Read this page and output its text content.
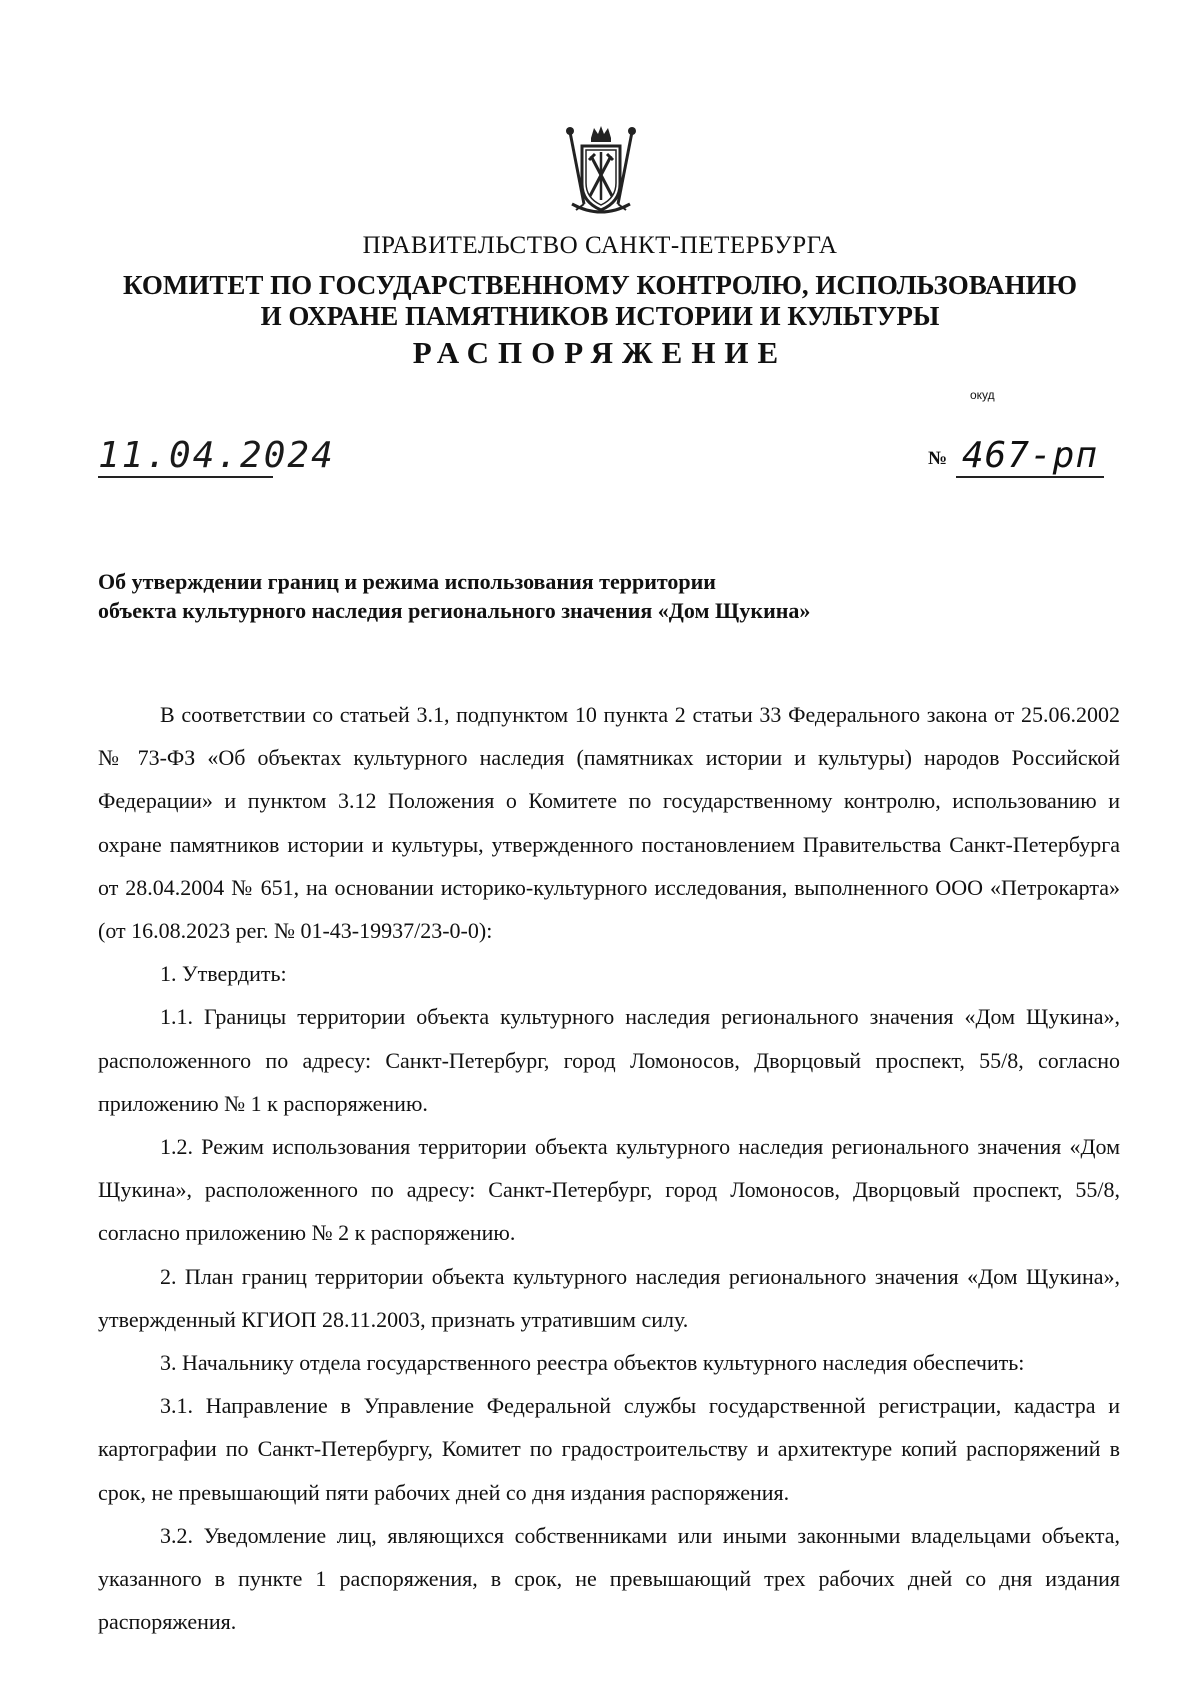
ПРАВИТЕЛЬСТВО САНКТ-ПЕТЕРБУРГА
КОМИТЕТ ПО ГОСУДАРСТВЕННОМУ КОНТРОЛЮ, ИСПОЛЬЗОВАНИЮ
И ОХРАНЕ ПАМЯТНИКОВ ИСТОРИИ И КУЛЬТУРЫ
РАСПОРЯЖЕНИЕ
окуд
11.04.2024	№ 467-рп
Об утверждении границ и режима использования территории
объекта культурного наследия регионального значения «Дом Щукина»

В соответствии со статьей 3.1, подпунктом 10 пункта 2 статьи 33 Федерального закона от 25.06.2002 № 73-ФЗ «Об объектах культурного наследия (памятниках истории и культуры) народов Российской Федерации» и пунктом 3.12 Положения о Комитете по государственному контролю, использованию и охране памятников истории и культуры, утвержденного постановлением Правительства Санкт-Петербурга от 28.04.2004 № 651, на основании историко-культурного исследования, выполненного ООО «Петрокарта» (от 16.08.2023 рег. № 01-43-19937/23-0-0):

1. Утвердить:

1.1. Границы территории объекта культурного наследия регионального значения «Дом Щукина», расположенного по адресу: Санкт-Петербург, город Ломоносов, Дворцовый проспект, 55/8, согласно приложению № 1 к распоряжению.

1.2. Режим использования территории объекта культурного наследия регионального значения «Дом Щукина», расположенного по адресу: Санкт-Петербург, город Ломоносов, Дворцовый проспект, 55/8, согласно приложению № 2 к распоряжению.

2. План границ территории объекта культурного наследия регионального значения «Дом Щукина», утвержденный КГИОП 28.11.2003, признать утратившим силу.

3. Начальнику отдела государственного реестра объектов культурного наследия обеспечить:

3.1. Направление в Управление Федеральной службы государственной регистрации, кадастра и картографии по Санкт-Петербургу, Комитет по градостроительству и архитектуре копий распоряжений в срок, не превышающий пяти рабочих дней со дня издания распоряжения.

3.2. Уведомление лиц, являющихся собственниками или иными законными владельцами объекта, указанного в пункте 1 распоряжения, в срок, не превышающий трех рабочих дней со дня издания распоряжения.
